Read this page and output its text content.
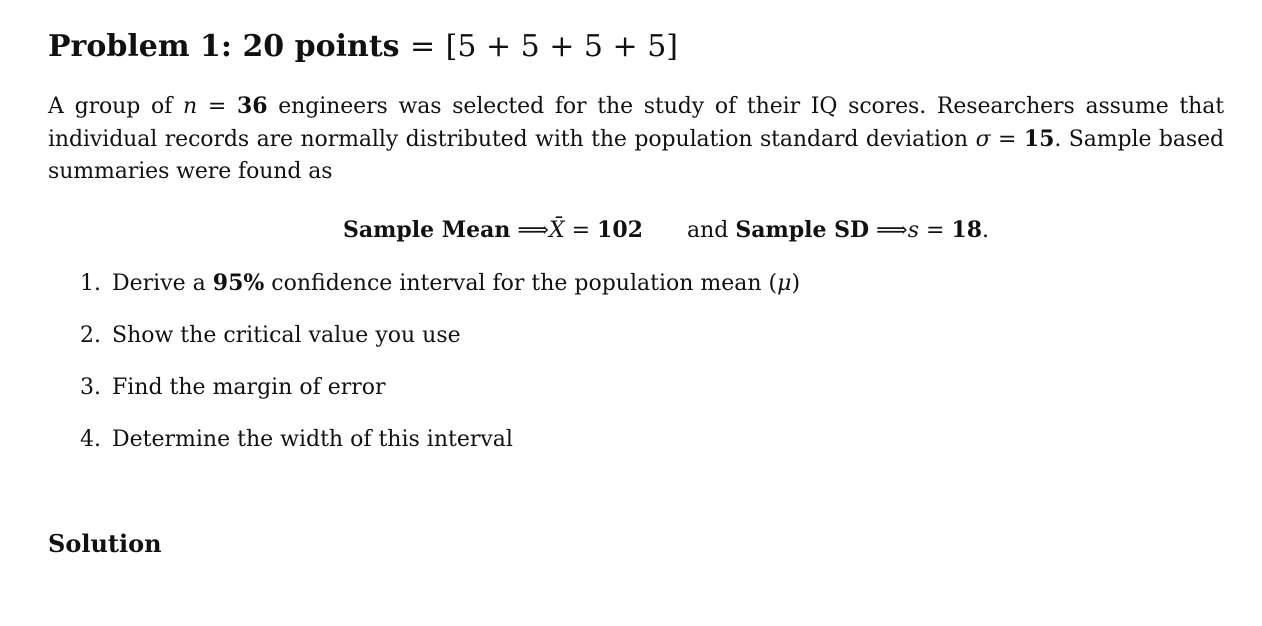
Problem 1: 20 points = [5 + 5 + 5 + 5]

A group of n = 36 engineers was selected for the study of their IQ scores. Researchers assume that individual records are normally distributed with the population standard deviation σ = 15. Sample based summaries were found as

Sample Mean ⟹X̄ = 102 and Sample SD ⟹s = 18.
1. Derive a 95% confidence interval for the population mean (μ)
2. Show the critical value you use
3. Find the margin of error
4. Determine the width of this interval
Solution
